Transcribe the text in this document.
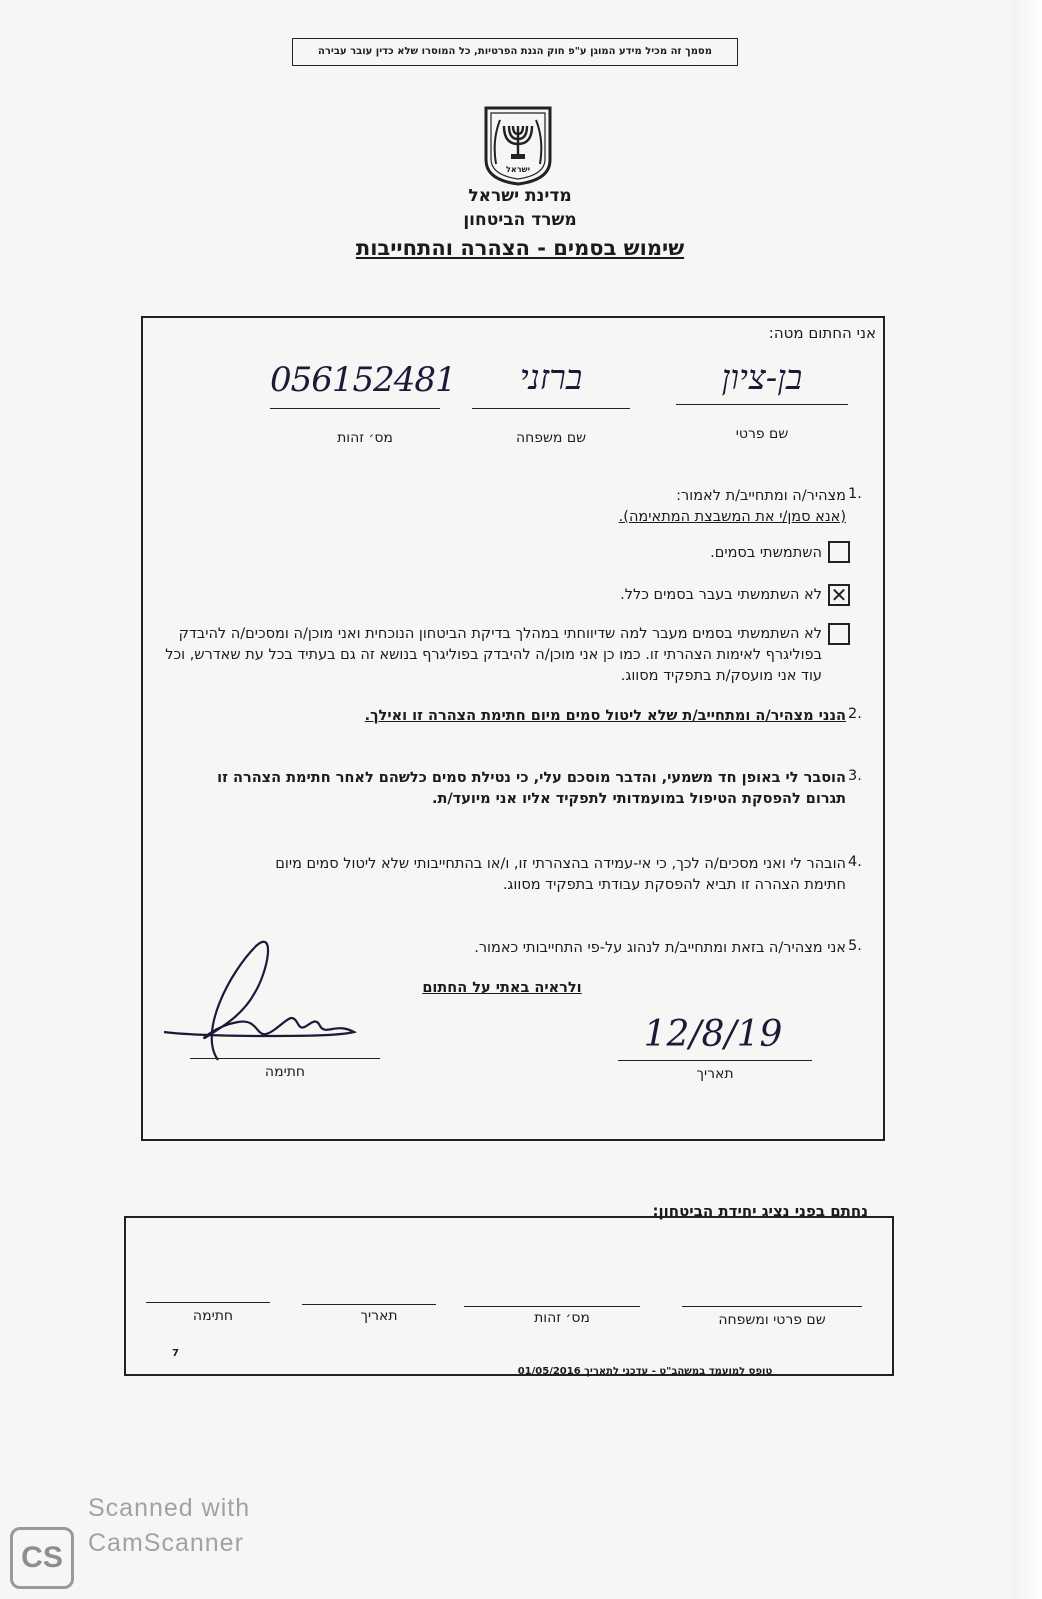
מסמך זה מכיל מידע המוגן ע"פ חוק הגנת הפרטיות, כל המוסרו שלא כדין עובר עבירה
ישראל
מדינת ישראל
משרד הביטחון
שימוש בסמים - הצהרה והתחייבות
אני החתום מטה:
בן-ציון
שם פרטי
ברזני
שם משפחה
056152481
מס׳ זהות
1.
מצהיר/ה ומתחייב/ת לאמור:
(אנא סמן/י את המשבצת המתאימה).
השתמשתי בסמים.
✕
לא השתמשתי בעבר בסמים כלל.
לא השתמשתי בסמים מעבר למה שדיווחתי במהלך בדיקת הביטחון הנוכחית ואני מוכן/ה ומסכים/ה להיבדק בפוליגרף לאימות הצהרתי זו. כמו כן אני מוכן/ה להיבדק בפוליגרף בנושא זה גם בעתיד בכל עת שאדרש, וכל עוד אני מועסק/ת בתפקיד מסווג.
2.
הנני מצהיר/ה ומתחייב/ת שלא ליטול סמים מיום חתימת הצהרה זו ואילך.
3.
הוסבר לי באופן חד משמעי, והדבר מוסכם עלי, כי נטילת סמים כלשהם לאחר חתימת הצהרה זו תגרום להפסקת הטיפול במועמדותי לתפקיד אליו אני מיועד/ת.
4.
הובהר לי ואני מסכים/ה לכך, כי אי-עמידה בהצהרתי זו, ו/או בהתחייבותי שלא ליטול סמים מיום חתימת הצהרה זו תביא להפסקת עבודתי בתפקיד מסווג.
5.
אני מצהיר/ה בזאת ומתחייב/ת לנהוג על-פי התחייבותי כאמור.
ולראיה באתי על החתום
חתימה
12/8/19
תאריך
נחתם בפני נציג יחידת הביטחון:
שם פרטי ומשפחה
מס׳ זהות
תאריך
חתימה
7
טופס למועמד במשהב"ט - עדכני לתאריך 01/05/2016
CS
Scanned with
CamScanner
